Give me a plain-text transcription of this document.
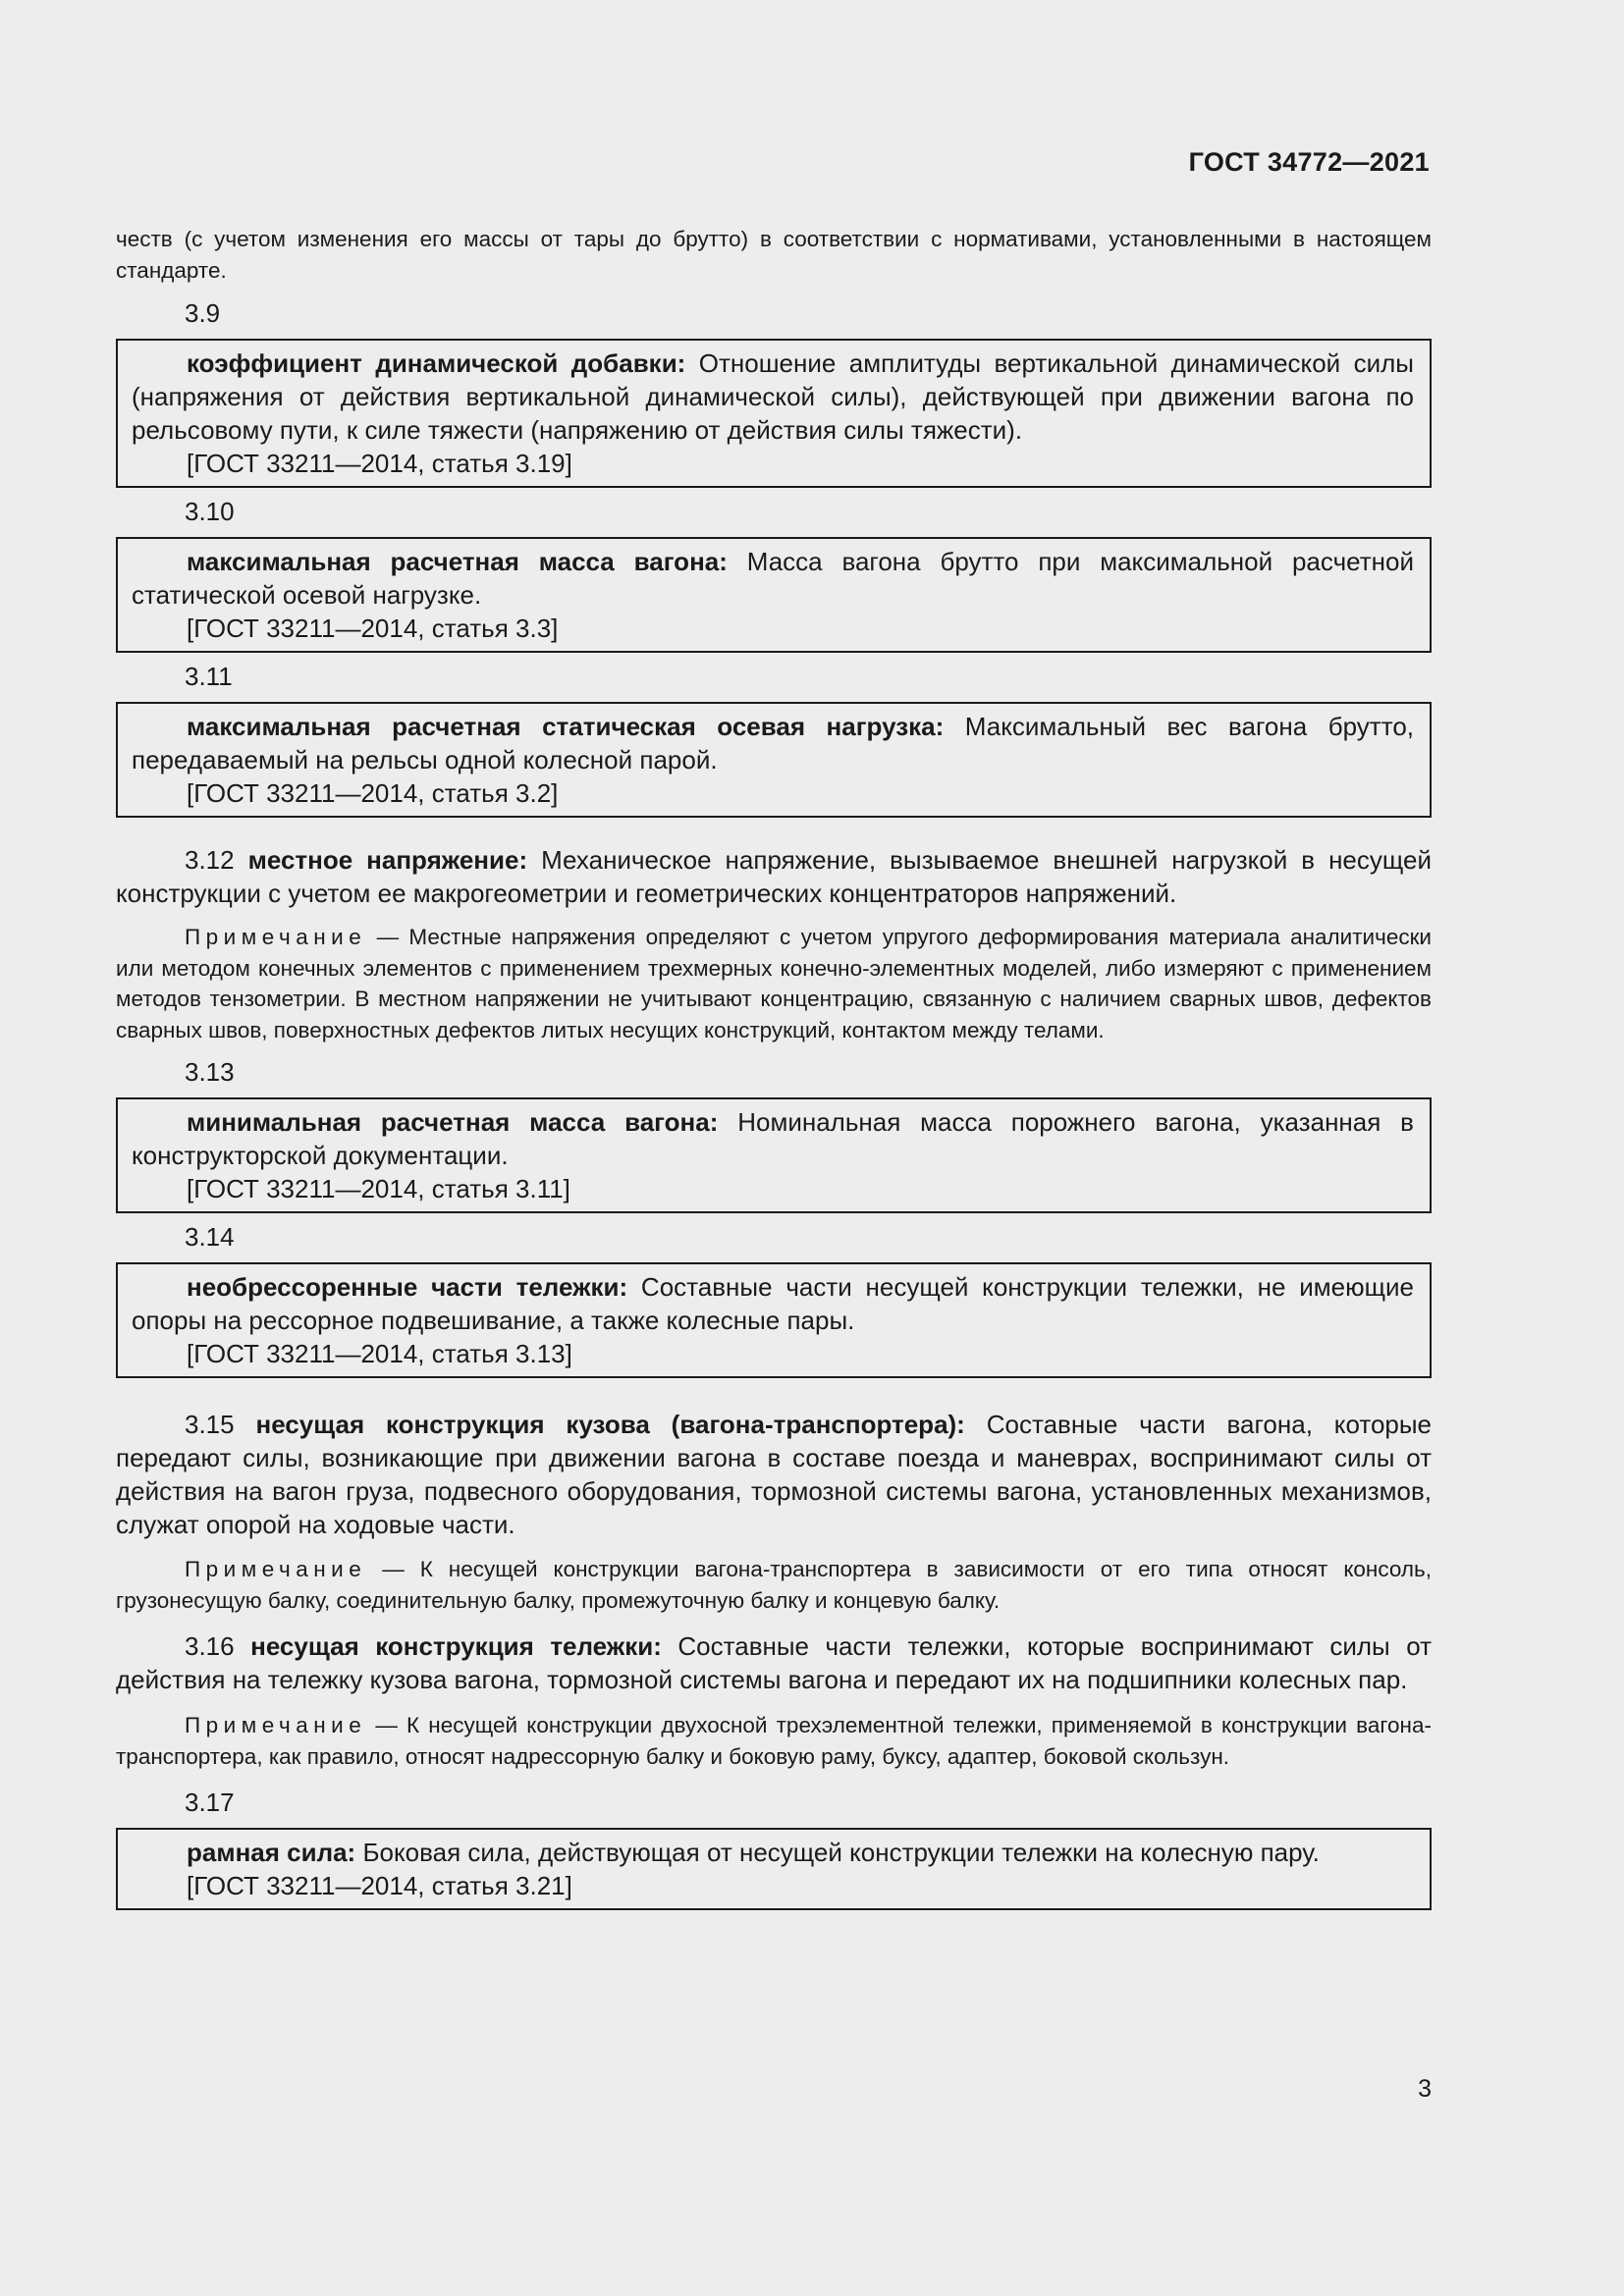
ГОСТ 34772—2021

честв (с учетом изменения его массы от тары до брутто) в соответствии с нормативами, установленными в настоящем стандарте.

3.9

коэффициент динамической добавки: Отношение амплитуды вертикальной динамической силы (напряжения от действия вертикальной динамической силы), действующей при движении вагона по рельсовому пути, к силе тяжести (напряжению от действия силы тяжести).

[ГОСТ 33211—2014, статья 3.19]

3.10

максимальная расчетная масса вагона: Масса вагона брутто при максимальной расчетной статической осевой нагрузке.

[ГОСТ 33211—2014, статья 3.3]

3.11

максимальная расчетная статическая осевая нагрузка: Максимальный вес вагона брутто, передаваемый на рельсы одной колесной парой.

[ГОСТ 33211—2014, статья 3.2]

3.12 местное напряжение: Механическое напряжение, вызываемое внешней нагрузкой в несущей конструкции с учетом ее макрогеометрии и геометрических концентраторов напряжений.

Примечание — Местные напряжения определяют с учетом упругого деформирования материала аналитически или методом конечных элементов с применением трехмерных конечно-элементных моделей, либо измеряют с применением методов тензометрии. В местном напряжении не учитывают концентрацию, связанную с наличием сварных швов, дефектов сварных швов, поверхностных дефектов литых несущих конструкций, контактом между телами.

3.13

минимальная расчетная масса вагона: Номинальная масса порожнего вагона, указанная в конструкторской документации.

[ГОСТ 33211—2014, статья 3.11]

3.14

необрессоренные части тележки: Составные части несущей конструкции тележки, не имеющие опоры на рессорное подвешивание, а также колесные пары.

[ГОСТ 33211—2014, статья 3.13]

3.15 несущая конструкция кузова (вагона-транспортера): Составные части вагона, которые передают силы, возникающие при движении вагона в составе поезда и маневрах, воспринимают силы от действия на вагон груза, подвесного оборудования, тормозной системы вагона, установленных механизмов, служат опорой на ходовые части.

Примечание — К несущей конструкции вагона-транспортера в зависимости от его типа относят консоль, грузонесущую балку, соединительную балку, промежуточную балку и концевую балку.

3.16 несущая конструкция тележки: Составные части тележки, которые воспринимают силы от действия на тележку кузова вагона, тормозной системы вагона и передают их на подшипники колесных пар.

Примечание — К несущей конструкции двухосной трехэлементной тележки, применяемой в конструкции вагона-транспортера, как правило, относят надрессорную балку и боковую раму, буксу, адаптер, боковой скользун.

3.17

рамная сила: Боковая сила, действующая от несущей конструкции тележки на колесную пару.

[ГОСТ 33211—2014, статья 3.21]

3
